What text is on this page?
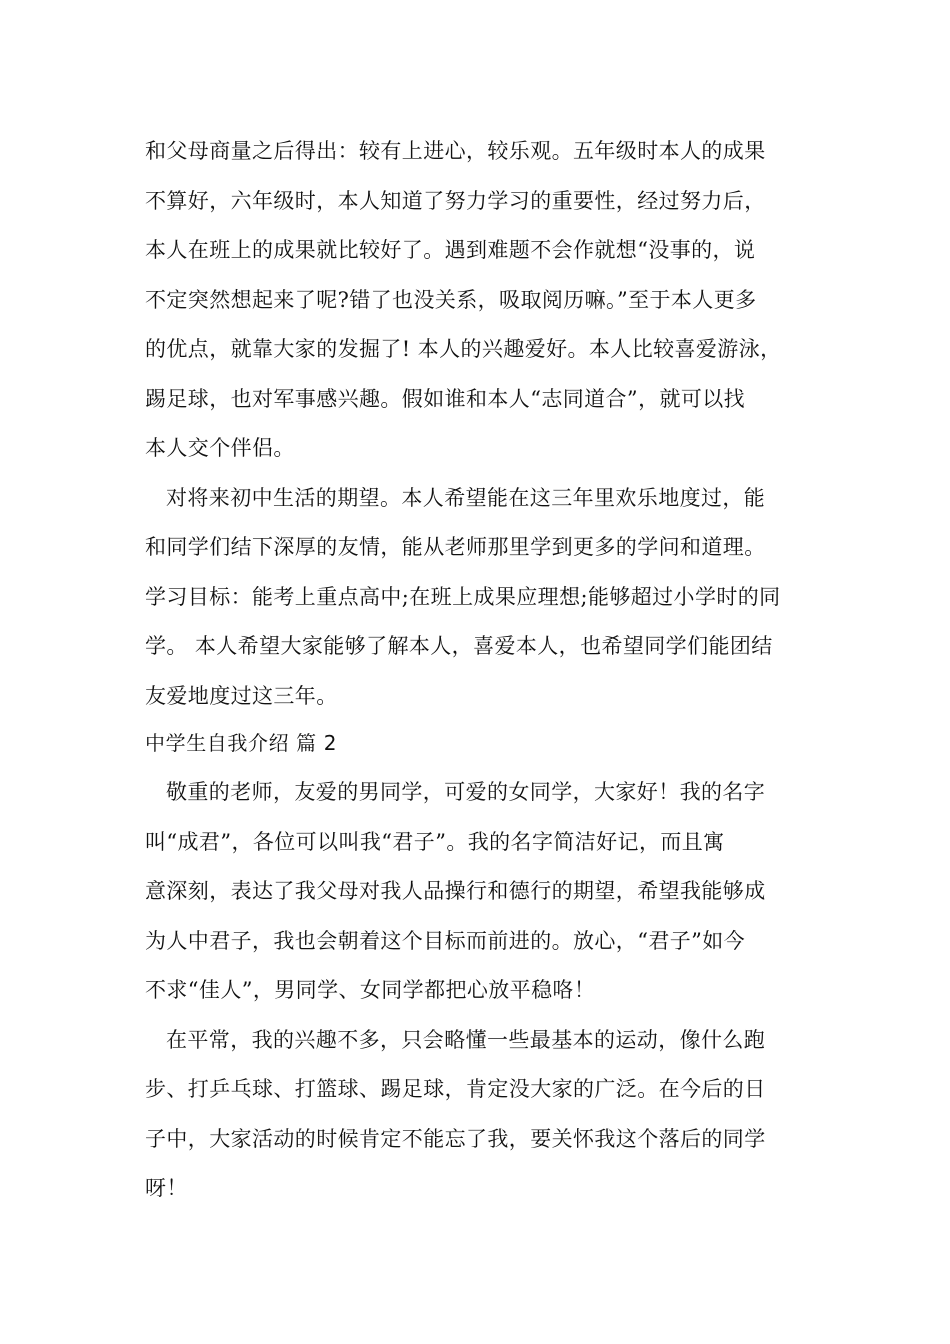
和父母商量之后得出：较有上进心，较乐观。五年级时本人的成果
不算好，六年级时，本人知道了努力学习的重要性，经过努力后，
本人在班上的成果就比较好了。遇到难题不会作就想“没事的，说
不定突然想起来了呢?错了也没关系，吸取阅历嘛。”至于本人更多
的优点，就靠大家的发掘了! 本人的兴趣爱好。本人比较喜爱游泳，
踢足球，也对军事感兴趣。假如谁和本人“志同道合”，就可以找
本人交个伴侣。
对将来初中生活的期望。本人希望能在这三年里欢乐地度过，能
和同学们结下深厚的友情，能从老师那里学到更多的学问和道理。
学习目标：能考上重点高中;在班上成果应理想;能够超过小学时的同
学。 本人希望大家能够了解本人，喜爱本人，也希望同学们能团结
友爱地度过这三年。
中学生自我介绍 篇 2
敬重的老师，友爱的男同学，可爱的女同学，大家好！我的名字
叫“成君”，各位可以叫我“君子”。我的名字简洁好记，而且寓
意深刻，表达了我父母对我人品操行和德行的期望，希望我能够成
为人中君子，我也会朝着这个目标而前进的。放心，“君子”如今
不求“佳人”，男同学、女同学都把心放平稳咯！
在平常，我的兴趣不多，只会略懂一些最基本的运动，像什么跑
步、打乒乓球、打篮球、踢足球，肯定没大家的广泛。在今后的日
子中，大家活动的时候肯定不能忘了我，要关怀我这个落后的同学
呀！
